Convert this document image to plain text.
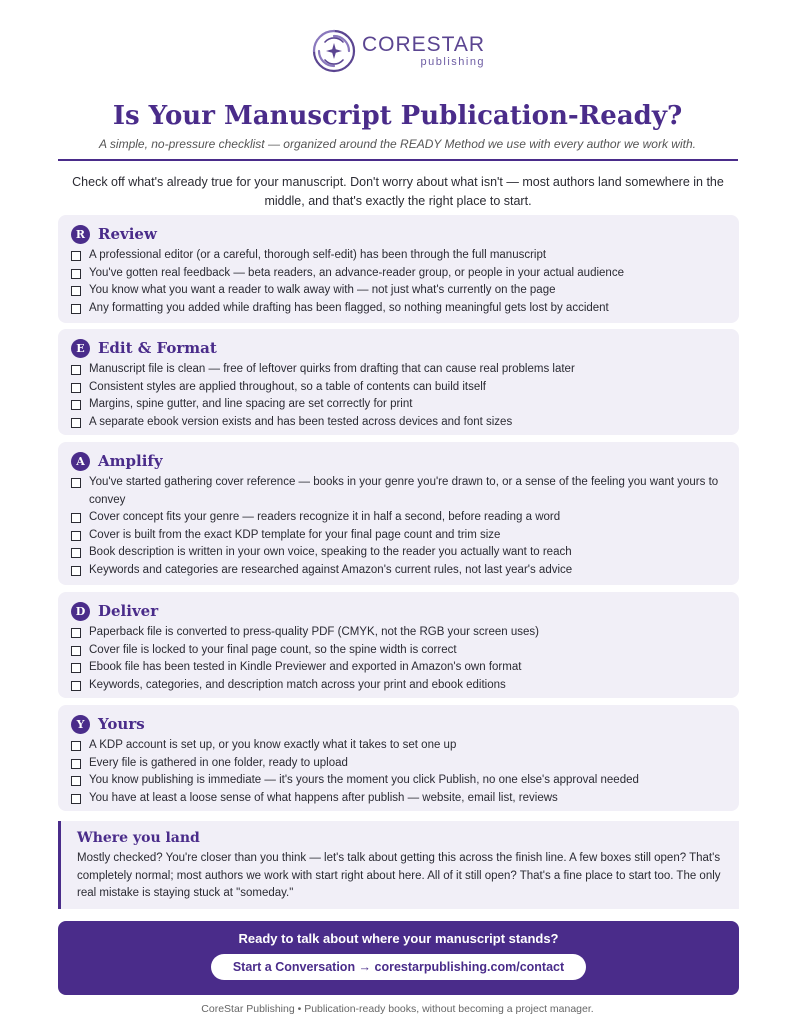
CORESTAR
publishing
Is Your Manuscript Publication-Ready?
A simple, no-pressure checklist — organized around the READY Method we use with every author we work with.

Check off what's already true for your manuscript. Don't worry about what isn't — most authors land somewhere in the middle, and that's exactly the right place to start.

R Review
A professional editor (or a careful, thorough self-edit) has been through the full manuscript
You've gotten real feedback — beta readers, an advance-reader group, or people in your actual audience
You know what you want a reader to walk away with — not just what's currently on the page
Any formatting you added while drafting has been flagged, so nothing meaningful gets lost by accident
E Edit & Format
Manuscript file is clean — free of leftover quirks from drafting that can cause real problems later
Consistent styles are applied throughout, so a table of contents can build itself
Margins, spine gutter, and line spacing are set correctly for print
A separate ebook version exists and has been tested across devices and font sizes
A Amplify
You've started gathering cover reference — books in your genre you're drawn to, or a sense of the feeling you want yours to convey
Cover concept fits your genre — readers recognize it in half a second, before reading a word
Cover is built from the exact KDP template for your final page count and trim size
Book description is written in your own voice, speaking to the reader you actually want to reach
Keywords and categories are researched against Amazon's current rules, not last year's advice
D Deliver
Paperback file is converted to press-quality PDF (CMYK, not the RGB your screen uses)
Cover file is locked to your final page count, so the spine width is correct
Ebook file has been tested in Kindle Previewer and exported in Amazon's own format
Keywords, categories, and description match across your print and ebook editions
Y Yours
A KDP account is set up, or you know exactly what it takes to set one up
Every file is gathered in one folder, ready to upload
You know publishing is immediate — it's yours the moment you click Publish, no one else's approval needed
You have at least a loose sense of what happens after publish — website, email list, reviews
Where you land

Mostly checked? You're closer than you think — let's talk about getting this across the finish line. A few boxes still open? That's completely normal; most authors we work with start right about here. All of it still open? That's a fine place to start too. The only real mistake is staying stuck at "someday."

Ready to talk about where your manuscript stands?
Start a Conversation → corestarpublishing.com/contact
CoreStar Publishing • Publication-ready books, without becoming a project manager.
